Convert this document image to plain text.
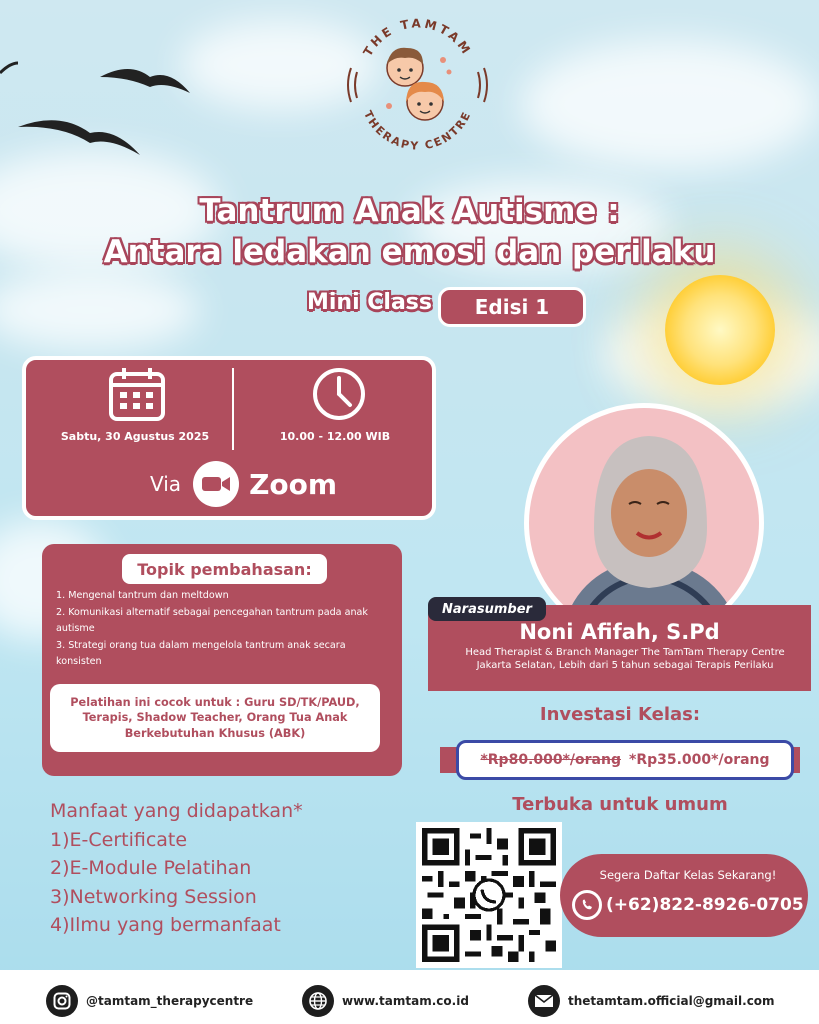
THE TAMTAM
THERAPY CENTRE
Tantrum Anak Autisme :
Antara ledakan emosi dan perilaku
Mini Class Edisi 1
Sabtu, 30 Agustus 2025	10.00 - 12.00 WIB
Via Zoom
Topik pembahasan:
1. Mengenal tantrum dan meltdown
2. Komunikasi alternatif sebagai pencegahan tantrum pada anak autisme
3. Strategi orang tua dalam mengelola tantrum anak secara konsisten
Pelatihan ini cocok untuk : Guru SD/TK/PAUD, Terapis, Shadow Teacher, Orang Tua Anak Berkebutuhan Khusus (ABK)
Narasumber
Noni Afifah, S.Pd
Head Therapist & Branch Manager The TamTam Therapy Centre Jakarta Selatan, Lebih dari 5 tahun sebagai Terapis Perilaku
Investasi Kelas:
*Rp80.000*/orang *Rp35.000*/orang
Terbuka untuk umum
Manfaat yang didapatkan*
1)E-Certificate
2)E-Module Pelatihan
3)Networking Session
4)Ilmu yang bermanfaat
Segera Daftar Kelas Sekarang!
(+62)822-8926-0705
@tamtam_therapycentre	www.tamtam.co.id	thetamtam.official@gmail.com
